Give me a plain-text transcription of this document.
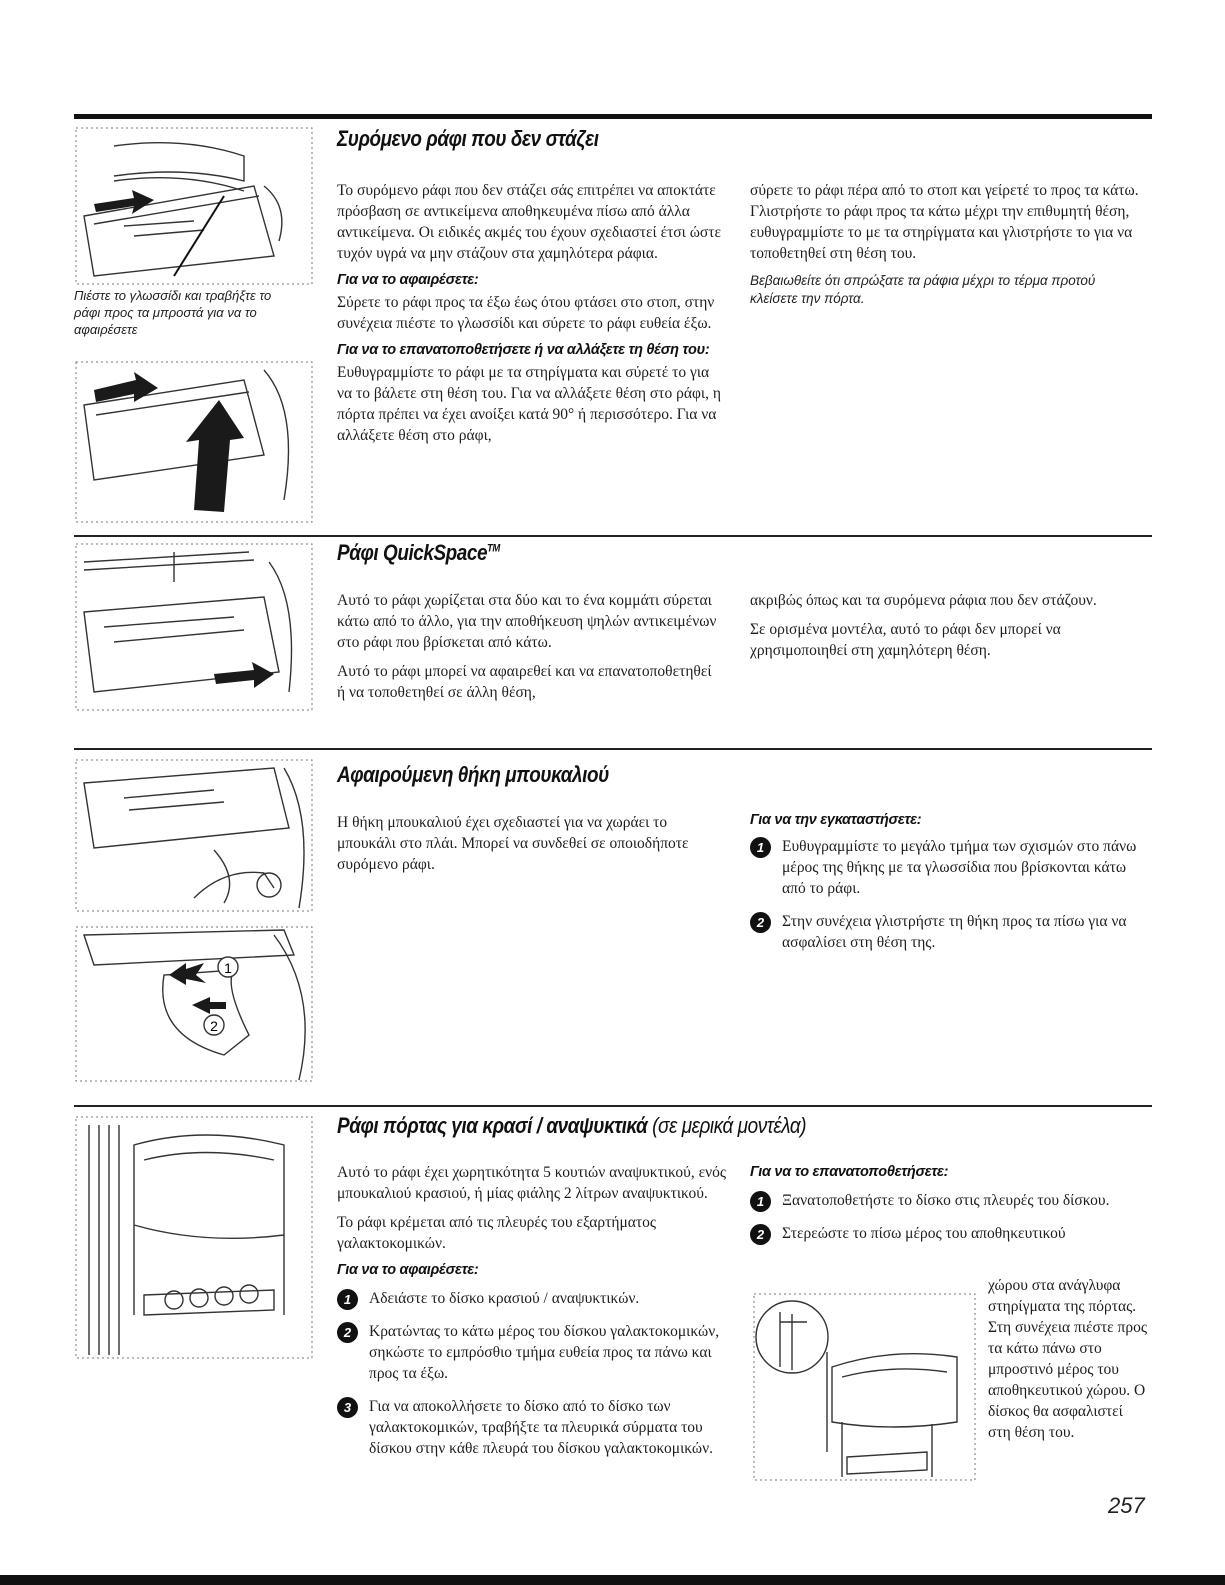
Πιέστε το γλωσσίδι και τραβήξτε το ράφι προς τα μπροστά για να το αφαιρέσετε
Συρόμενο ράφι που δεν στάζει

Το συρόμενο ράφι που δεν στάζει σάς επιτρέπει να αποκτάτε πρόσβαση σε αντικείμενα αποθηκευμένα πίσω από άλλα αντικείμενα. Οι ειδικές ακμές του έχουν σχεδιαστεί έτσι ώστε τυχόν υγρά να μην στάζουν στα χαμηλότερα ράφια.

Για να το αφαιρέσετε:

Σύρετε το ράφι προς τα έξω έως ότου φτάσει στο στοπ, στην συνέχεια πιέστε το γλωσσίδι και σύρετε το ράφι ευθεία έξω.

Για να το επανατοποθετήσετε ή να αλλάξετε τη θέση του:

Ευθυγραμμίστε το ράφι με τα στηρίγματα και σύρετέ το για να το βάλετε στη θέση του. Για να αλλάξετε θέση στο ράφι, η πόρτα πρέπει να έχει ανοίξει κατά 90° ή περισσότερο. Για να αλλάξετε θέση στο ράφι,

σύρετε το ράφι πέρα από το στοπ και γείρετέ το προς τα κάτω. Γλιστρήστε το ράφι προς τα κάτω μέχρι την επιθυμητή θέση, ευθυγραμμίστε το με τα στηρίγματα και γλιστρήστε το για να τοποθετηθεί στη θέση του.

Βεβαιωθείτε ότι σπρώξατε τα ράφια μέχρι το τέρμα προτού κλείσετε την πόρτα.

Ράφι QuickSpace™

Αυτό το ράφι χωρίζεται στα δύο και το ένα κομμάτι σύρεται κάτω από το άλλο, για την αποθήκευση ψηλών αντικειμένων στο ράφι που βρίσκεται από κάτω.

Αυτό το ράφι μπορεί να αφαιρεθεί και να επανατοποθετηθεί ή να τοποθετηθεί σε άλλη θέση,

ακριβώς όπως και τα συρόμενα ράφια που δεν στάζουν.

Σε ορισμένα μοντέλα, αυτό το ράφι δεν μπορεί να χρησιμοποιηθεί στη χαμηλότερη θέση.

1
2
Αφαιρούμενη θήκη μπουκαλιού

Η θήκη μπουκαλιού έχει σχεδιαστεί για να χωράει το μπουκάλι στο πλάι. Μπορεί να συνδεθεί σε οποιοδήποτε συρόμενο ράφι.

Για να την εγκαταστήσετε:
1	Ευθυγραμμίστε το μεγάλο τμήμα των σχισμών στο πάνω μέρος της θήκης με τα γλωσσίδια που βρίσκονται κάτω από το ράφι.
2	Στην συνέχεια γλιστρήστε τη θήκη προς τα πίσω για να ασφαλίσει στη θέση της.
Ράφι πόρτας για κρασί / αναψυκτικά (σε μερικά μοντέλα)

Αυτό το ράφι έχει χωρητικότητα 5 κουτιών αναψυκτικού, ενός μπουκαλιού κρασιού, ή μίας φιάλης 2 λίτρων αναψυκτικού.

Το ράφι κρέμεται από τις πλευρές του εξαρτήματος γαλακτοκομικών.

Για να το αφαιρέσετε:
1	Αδειάστε το δίσκο κρασιού / αναψυκτικών.
2	Κρατώντας το κάτω μέρος του δίσκου γαλακτοκομικών, σηκώστε το εμπρόσθιο τμήμα ευθεία προς τα πάνω και προς τα έξω.
3	Για να αποκολλήσετε το δίσκο από το δίσκο των γαλακτοκομικών, τραβήξτε τα πλευρικά σύρματα του δίσκου στην κάθε πλευρά του δίσκου γαλακτοκομικών.
Για να το επανατοποθετήσετε:
1	Ξανατοποθετήστε το δίσκο στις πλευρές του δίσκου.
2	Στερεώστε το πίσω μέρος του αποθηκευτικού
χώρου στα ανάγλυφα στηρίγματα της πόρτας. Στη συνέχεια πιέστε προς τα κάτω πάνω στο μπροστινό μέρος του αποθηκευτικού χώρου. Ο δίσκος θα ασφαλιστεί στη θέση του.
257
